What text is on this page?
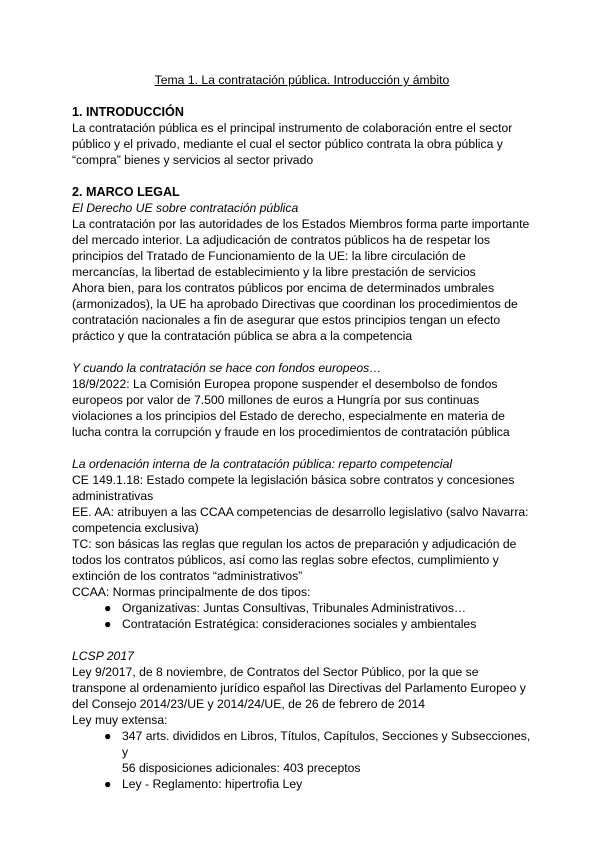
Tema 1. La contratación pública. Introducción y ámbito

1. INTRODUCCIÓN

La contratación pública es el principal instrumento de colaboración entre el sector

público y el privado, mediante el cual el sector público contrata la obra pública y

“compra” bienes y servicios al sector privado

2. MARCO LEGAL

El Derecho UE sobre contratación pública

La contratación por las autoridades de los Estados Miembros forma parte importante

del mercado interior. La adjudicación de contratos públicos ha de respetar los

principios del Tratado de Funcionamiento de la UE: la libre circulación de

mercancías, la libertad de establecimiento y la libre prestación de servicios

Ahora bien, para los contratos públicos por encima de determinados umbrales

(armonizados), la UE ha aprobado Directivas que coordinan los procedimientos de

contratación nacionales a fin de asegurar que estos principios tengan un efecto

práctico y que la contratación pública se abra a la competencia

Y cuando la contratación se hace con fondos europeos…

18/9/2022: La Comisión Europea propone suspender el desembolso de fondos

europeos por valor de 7.500 millones de euros a Hungría por sus continuas

violaciones a los principios del Estado de derecho, especialmente en materia de

lucha contra la corrupción y fraude en los procedimientos de contratación pública

La ordenación interna de la contratación pública: reparto competencial

CE 149.1.18: Estado compete la legislación básica sobre contratos y concesiones

administrativas

EE. AA: atribuyen a las CCAA competencias de desarrollo legislativo (salvo Navarra:

competencia exclusiva)

TC: son básicas las reglas que regulan los actos de preparación y adjudicación de

todos los contratos públicos, así como las reglas sobre efectos, cumplimiento y

extinción de los contratos “administrativos”

CCAA: Normas principalmente de dos tipos:

● Organizativas: Juntas Consultivas, Tribunales Administrativos…
● Contratación Estratégica: consideraciones sociales y ambientales

LCSP 2017

Ley 9/2017, de 8 noviembre, de Contratos del Sector Público, por la que se

transpone al ordenamiento jurídico español las Directivas del Parlamento Europeo y

del Consejo 2014/23/UE y 2014/24/UE, de 26 de febrero de 2014

Ley muy extensa:

● 347 arts. divididos en Libros, Títulos, Capítulos, Secciones y Subsecciones, y
56 disposiciones adicionales: 403 preceptos
● Ley - Reglamento: hipertrofia Ley
